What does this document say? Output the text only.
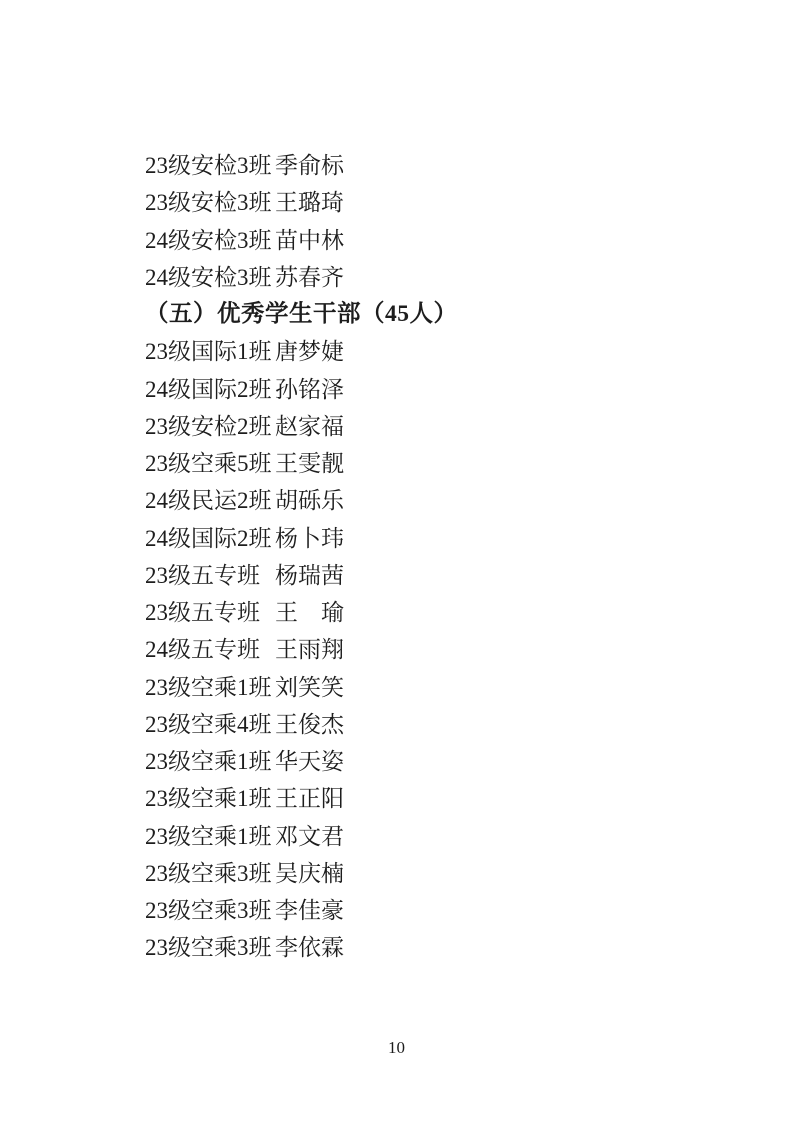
23级安检3班 季俞标
23级安检3班 王璐琦
24级安检3班 苗中林
24级安检3班 苏春齐
（五）优秀学生干部（45人）
23级国际1班 唐梦婕
24级国际2班 孙铭泽
23级安检2班 赵家福
23级空乘5班 王雯靓
24级民运2班 胡砾乐
24级国际2班 杨卜玮
23级五专班 杨瑞茜
23级五专班 王　瑜
24级五专班 王雨翔
23级空乘1班 刘笑笑
23级空乘4班 王俊杰
23级空乘1班 华天姿
23级空乘1班 王正阳
23级空乘1班 邓文君
23级空乘3班 吴庆楠
23级空乘3班 李佳豪
23级空乘3班 李依霖
10
